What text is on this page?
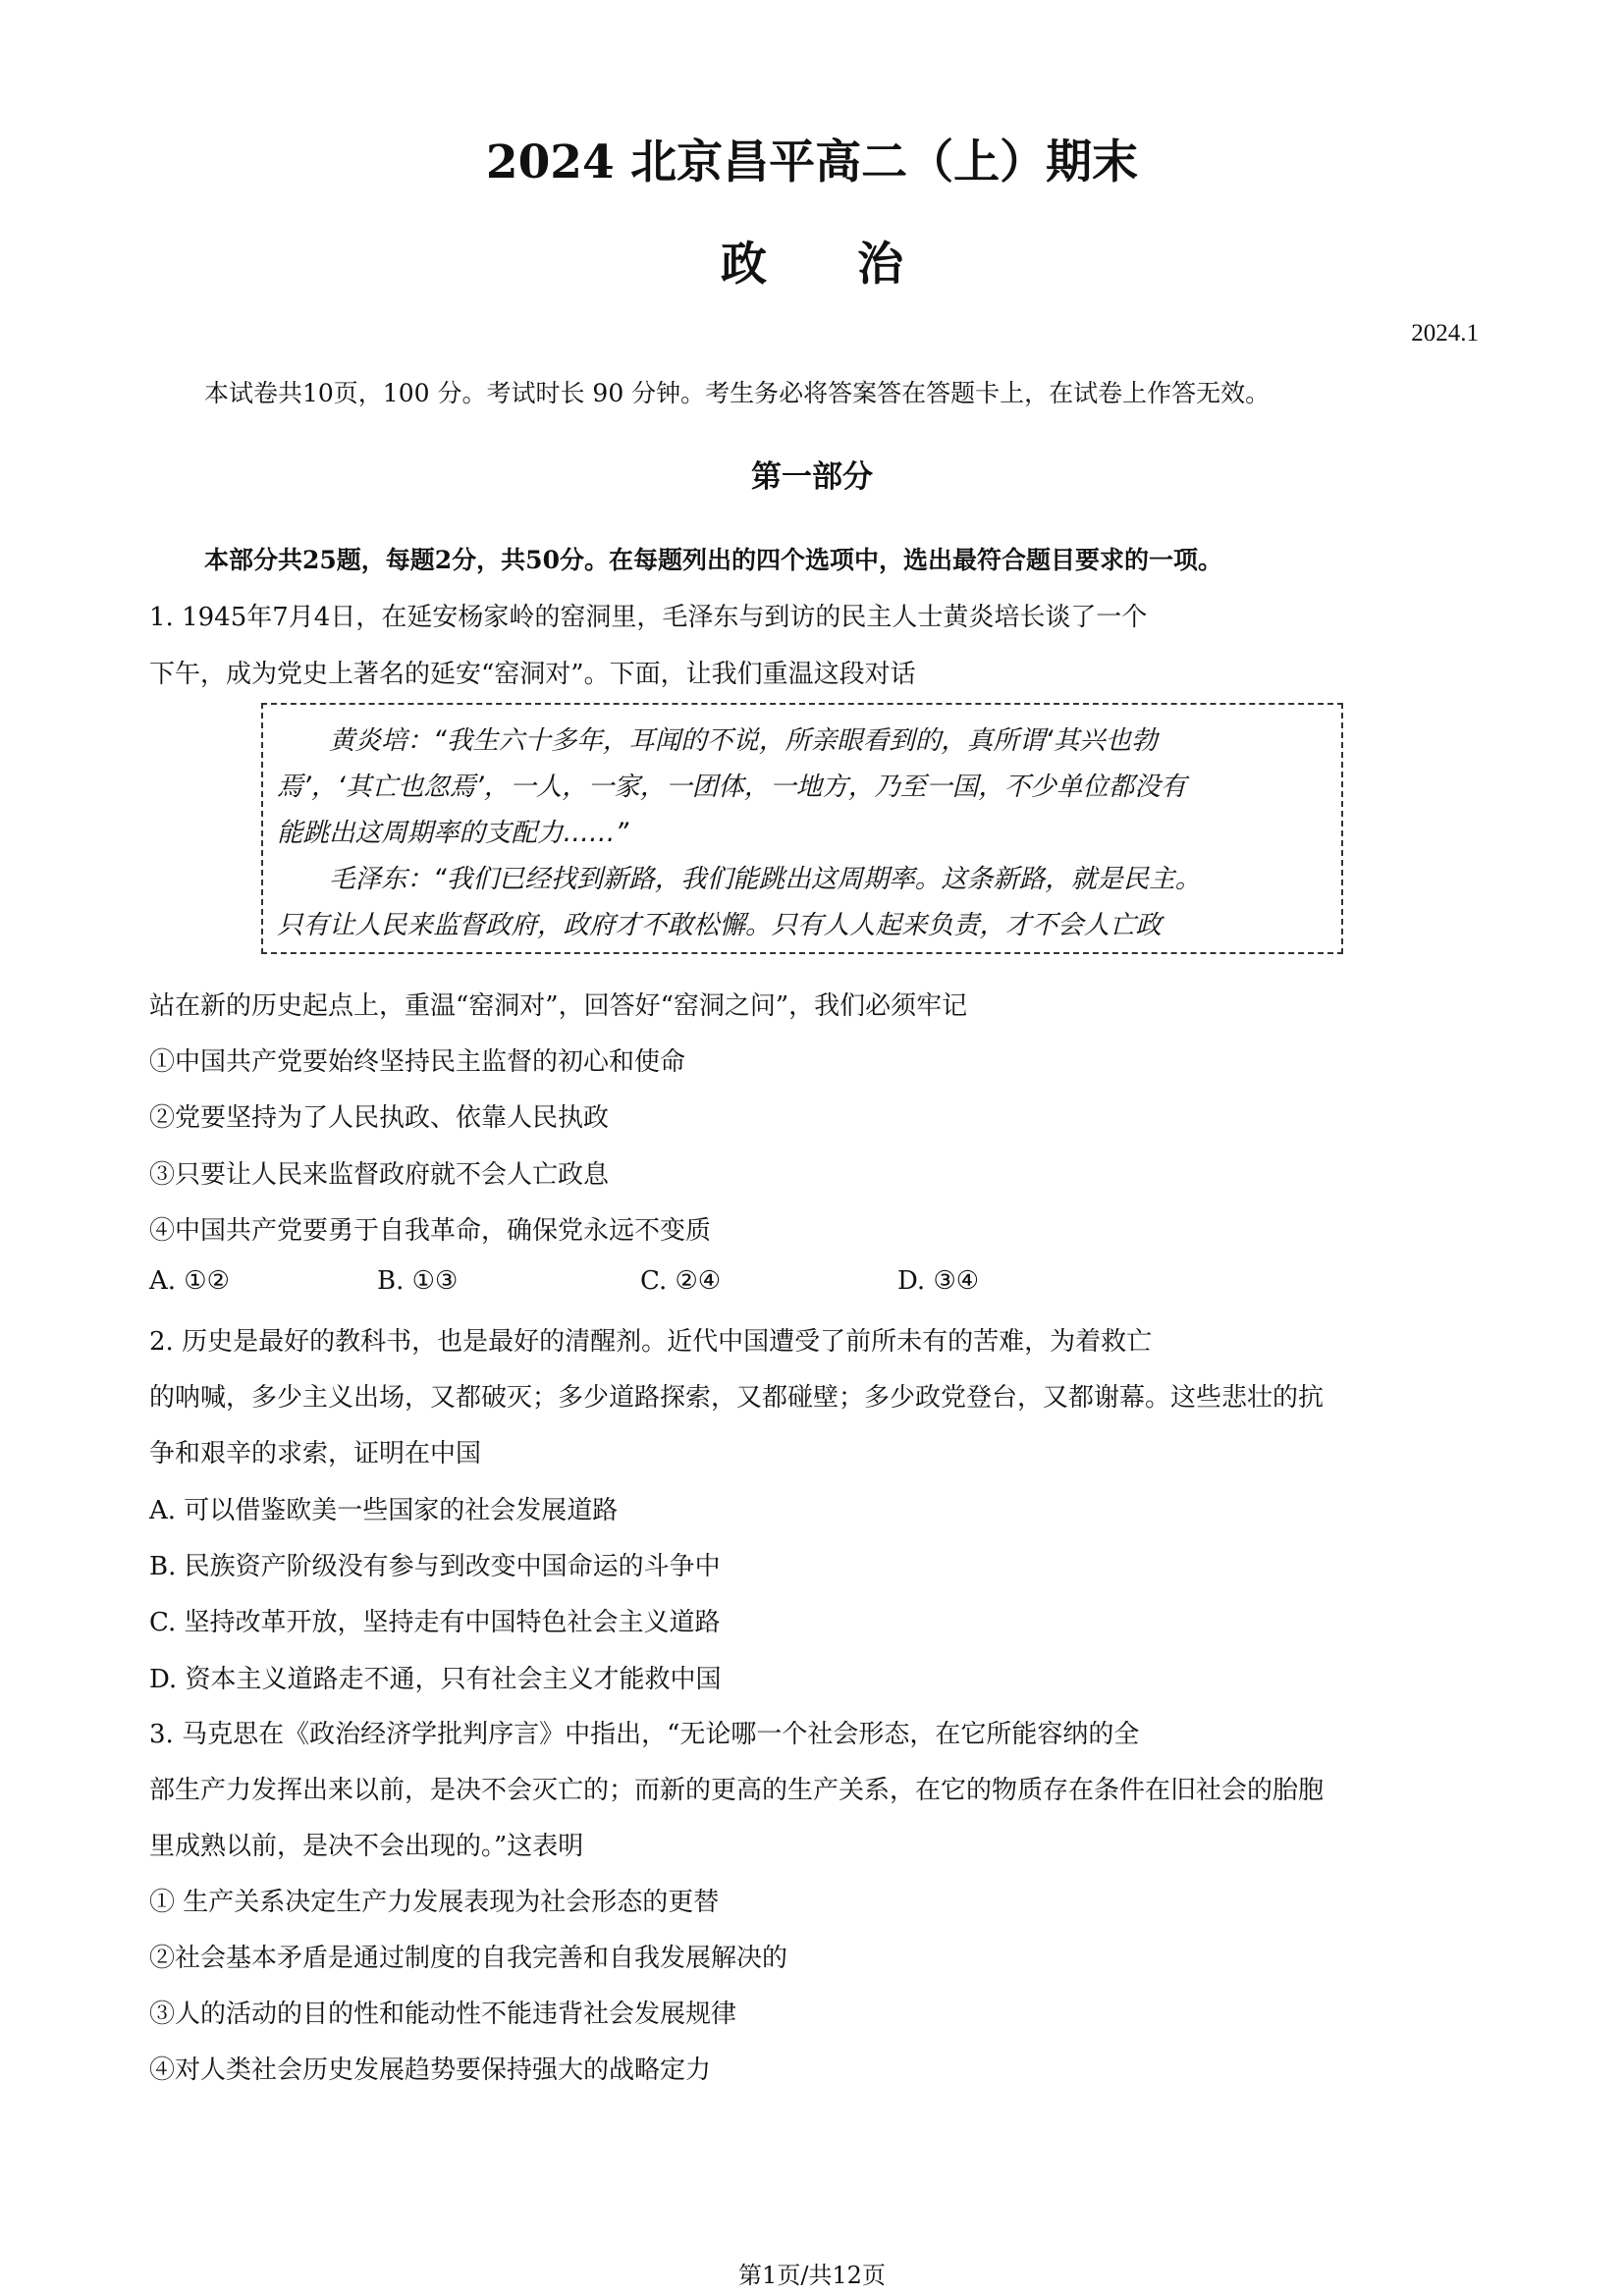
2024 北京昌平高二（上）期末
政治
2024.1
本试卷共10页，100 分。考试时长 90 分钟。考生务必将答案答在答题卡上，在试卷上作答无效。
第一部分
本部分共25题，每题2分，共50分。在每题列出的四个选项中，选出最符合题目要求的一项。
1. 1945年7月4日，在延安杨家岭的窑洞里，毛泽东与到访的民主人士黄炎培长谈了一个
下午，成为党史上著名的延安“窑洞对”。下面，让我们重温这段对话
黄炎培：“我生六十多年，耳闻的不说，所亲眼看到的，真所谓‘其兴也勃
焉’，‘其亡也忽焉’，一人，一家，一团体，一地方，乃至一国，不少单位都没有
能跳出这周期率的支配力……”
毛泽东：“我们已经找到新路，我们能跳出这周期率。这条新路，就是民主。
只有让人民来监督政府，政府才不敢松懈。只有人人起来负责，才不会人亡政
站在新的历史起点上，重温“窑洞对”，回答好“窑洞之问”，我们必须牢记
①中国共产党要始终坚持民主监督的初心和使命
②党要坚持为了人民执政、依靠人民执政
③只要让人民来监督政府就不会人亡政息
④中国共产党要勇于自我革命，确保党永远不变质
A. ①②	B. ①③	C. ②④	D. ③④
2. 历史是最好的教科书，也是最好的清醒剂。近代中国遭受了前所未有的苦难，为着救亡
的呐喊，多少主义出场，又都破灭；多少道路探索，又都碰壁；多少政党登台，又都谢幕。这些悲壮的抗
争和艰辛的求索，证明在中国
A. 可以借鉴欧美一些国家的社会发展道路
B. 民族资产阶级没有参与到改变中国命运的斗争中
C. 坚持改革开放，坚持走有中国特色社会主义道路
D. 资本主义道路走不通，只有社会主义才能救中国
3. 马克思在《政治经济学批判序言》中指出，“无论哪一个社会形态，在它所能容纳的全
部生产力发挥出来以前，是决不会灭亡的；而新的更高的生产关系，在它的物质存在条件在旧社会的胎胞
里成熟以前，是决不会出现的。”这表明
① 生产关系决定生产力发展表现为社会形态的更替
②社会基本矛盾是通过制度的自我完善和自我发展解决的
③人的活动的目的性和能动性不能违背社会发展规律
④对人类社会历史发展趋势要保持强大的战略定力
第1页/共12页
